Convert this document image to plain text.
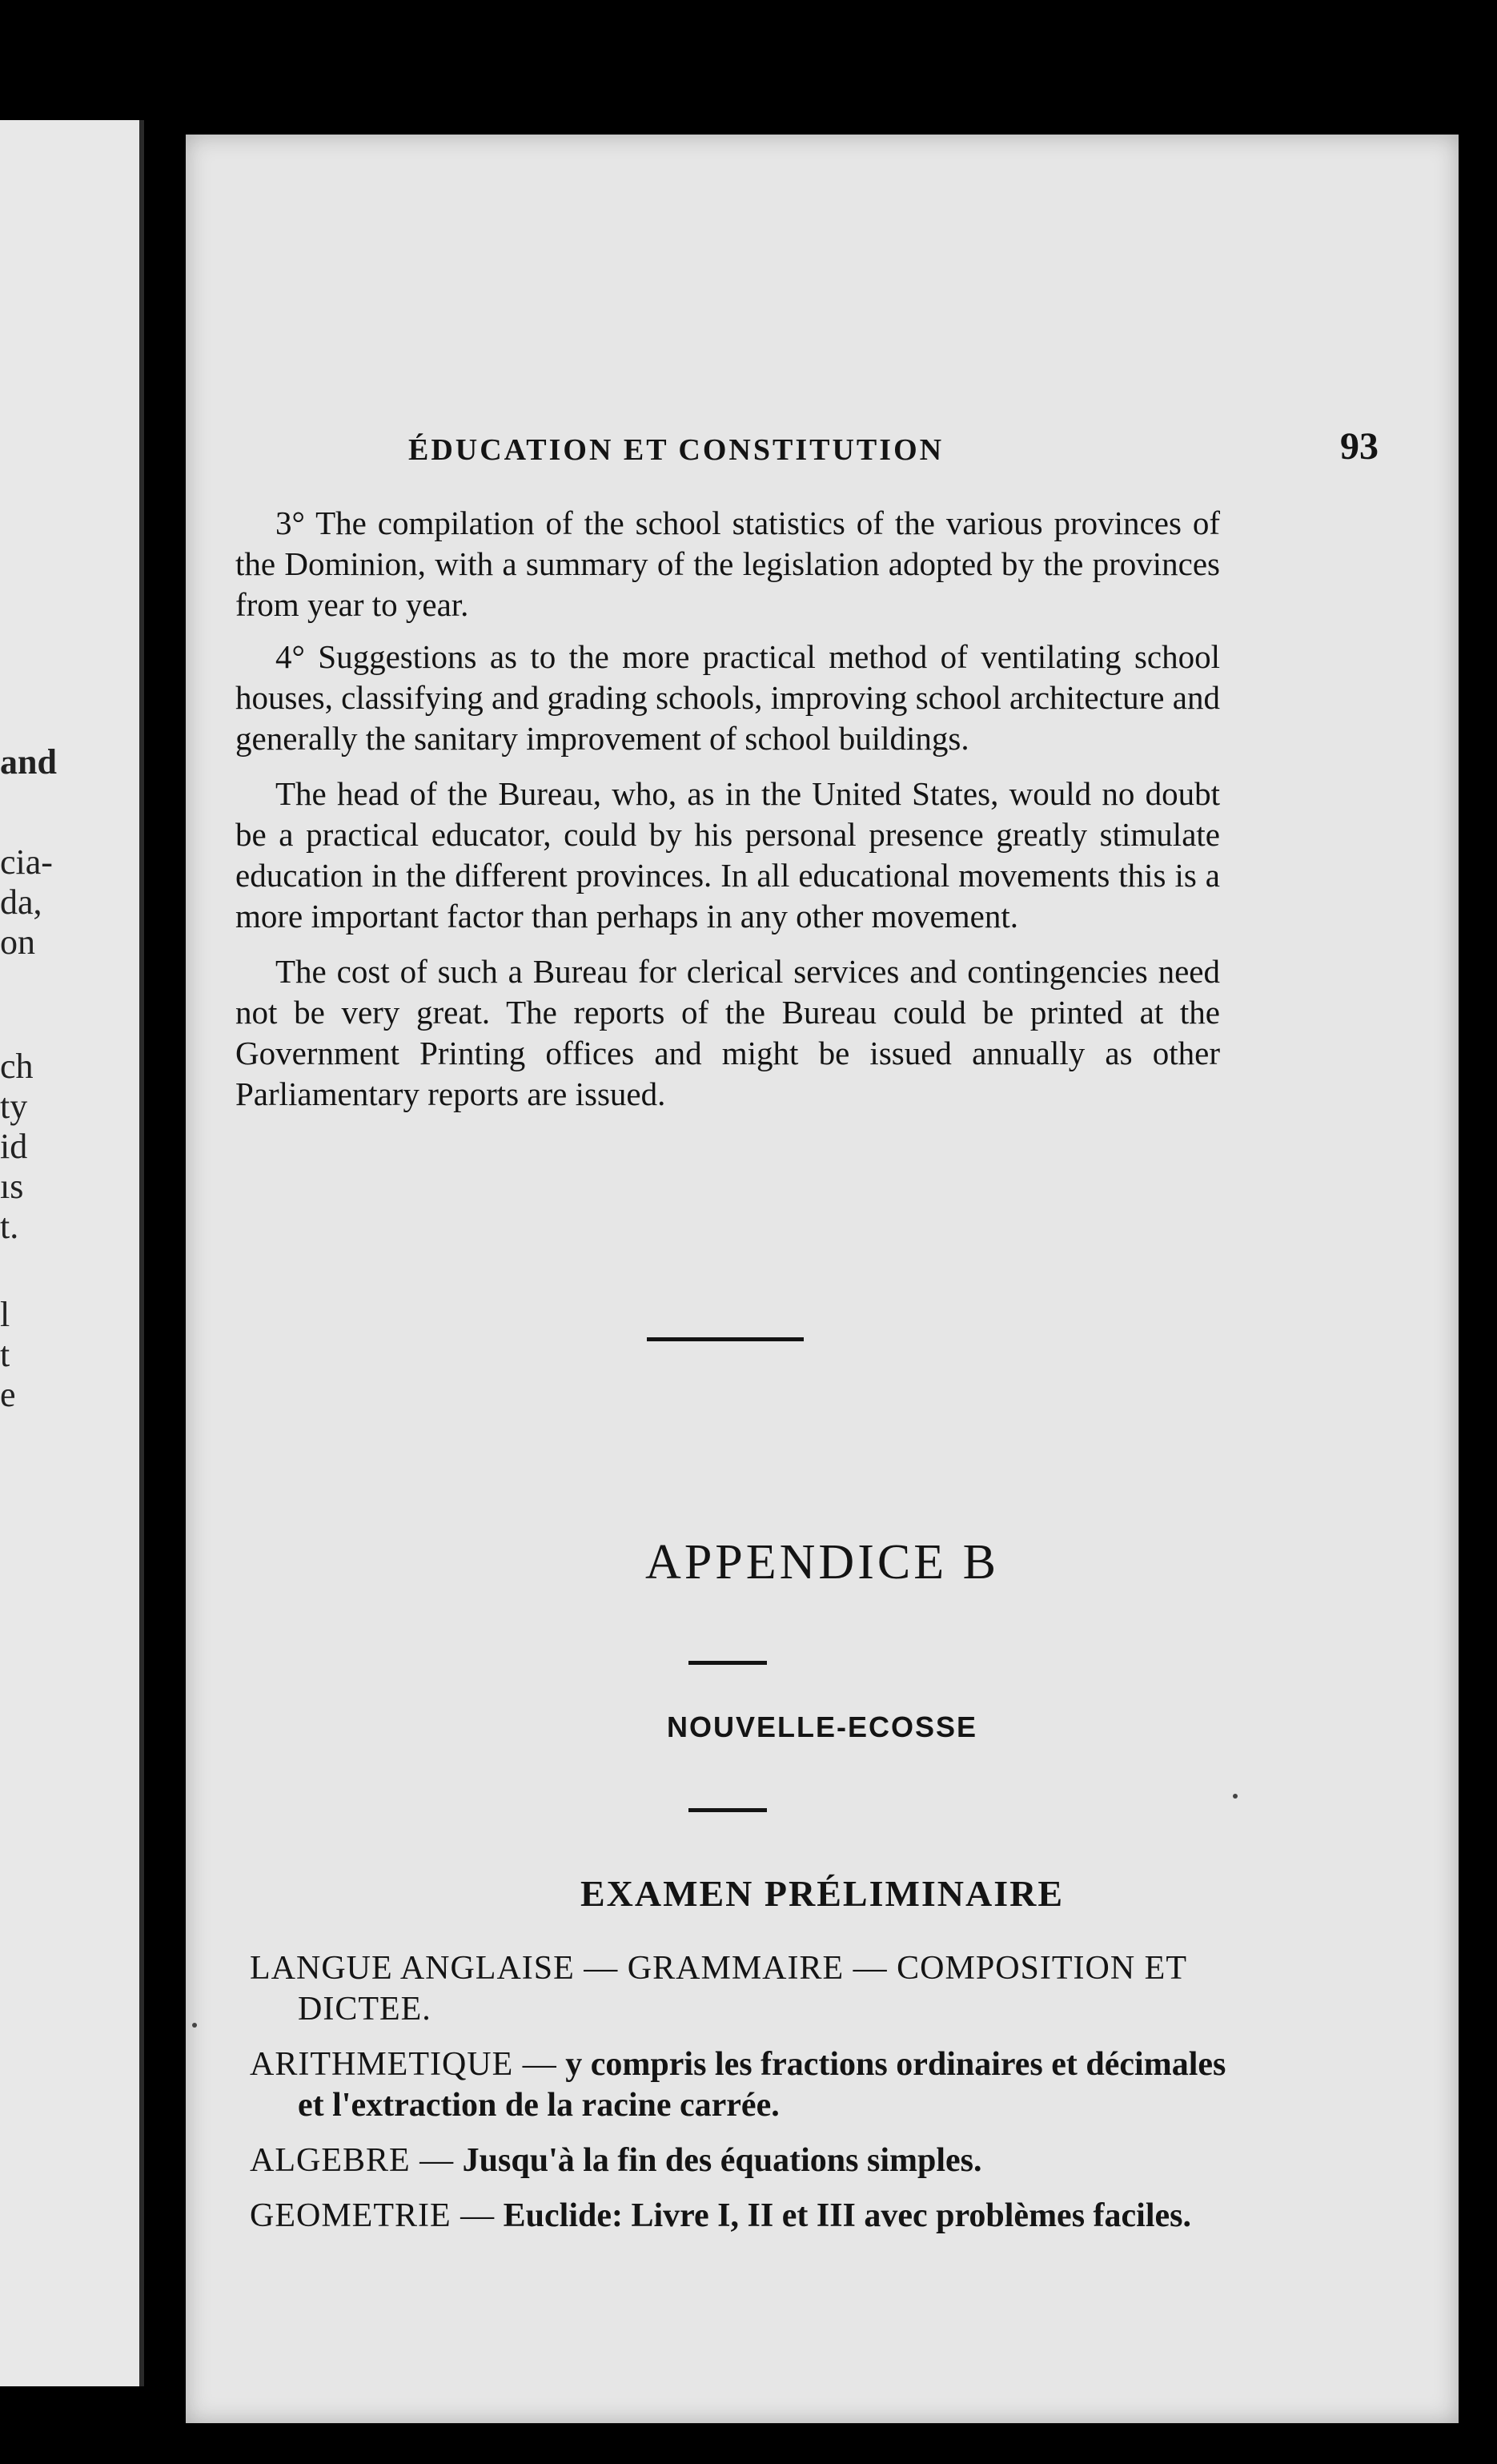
and
cia-
da,
on
ch
ty
id
ıs
t.
l
t
e
ÉDUCATION ET CONSTITUTION	93

3° The compilation of the school statistics of the various provinces of the Dominion, with a summary of the legislation adopted by the provinces from year to year.

4° Suggestions as to the more practical method of ventilating school houses, classifying and grading schools, improving school architecture and generally the sanitary improvement of school buildings.

The head of the Bureau, who, as in the United States, would no doubt be a practical educator, could by his personal presence greatly stimulate education in the different provinces. In all educational movements this is a more important factor than perhaps in any other movement.

The cost of such a Bureau for clerical services and contingencies need not be very great. The reports of the Bureau could be printed at the Government Printing offices and might be issued annually as other Parliamentary reports are issued.

APPENDICE B
NOUVELLE-ECOSSE
EXAMEN PRÉLIMINAIRE
LANGUE ANGLAISE — GRAMMAIRE — COMPOSITION ET DICTEE.
ARITHMETIQUE — y compris les fractions ordinaires et décimales et l'extraction de la racine carrée.
ALGEBRE — Jusqu'à la fin des équations simples.
GEOMETRIE — Euclide: Livre I, II et III avec problèmes faciles.
